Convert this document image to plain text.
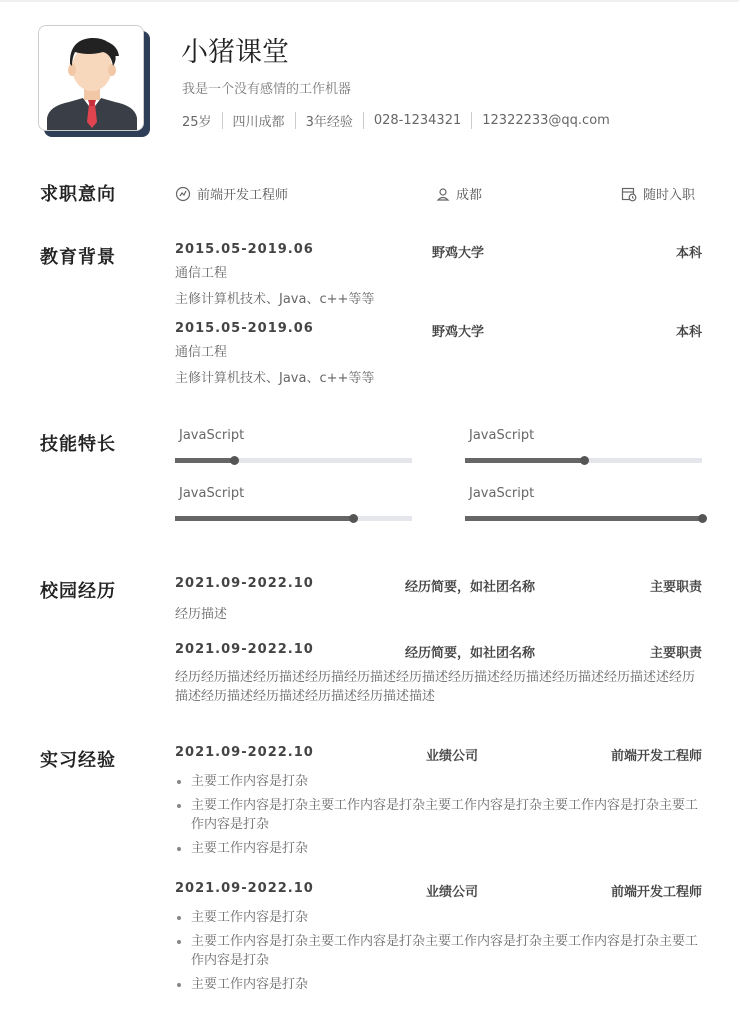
小猪课堂
我是一个没有感情的工作机器
25岁 四川成都 3年经验 028-1234321 12322233@qq.com
求职意向	前端开发工程师	成都	随时入职
教育背景	2015.05-2019.06	野鸡大学	本科
通信工程
主修计算机技术、Java、c++等等
2015.05-2019.06	野鸡大学	本科
通信工程
主修计算机技术、Java、c++等等
技能特长	JavaScript	JavaScript
JavaScript	JavaScript
校园经历	2021.09-2022.10	经历简要，如社团名称	主要职责
经历描述
2021.09-2022.10	经历简要，如社团名称	主要职责
经历经历描述经历描述经历描经历描述经历描述经历描述经历描述经历描述经历描述述经历描述经历描述经历描述经历描述经历描述描述
实习经验	2021.09-2022.10	业绩公司	前端开发工程师
主要工作内容是打杂
主要工作内容是打杂主要工作内容是打杂主要工作内容是打杂主要工作内容是打杂主要工作内容是打杂
主要工作内容是打杂
2021.09-2022.10	业绩公司	前端开发工程师
主要工作内容是打杂
主要工作内容是打杂主要工作内容是打杂主要工作内容是打杂主要工作内容是打杂主要工作内容是打杂
主要工作内容是打杂
